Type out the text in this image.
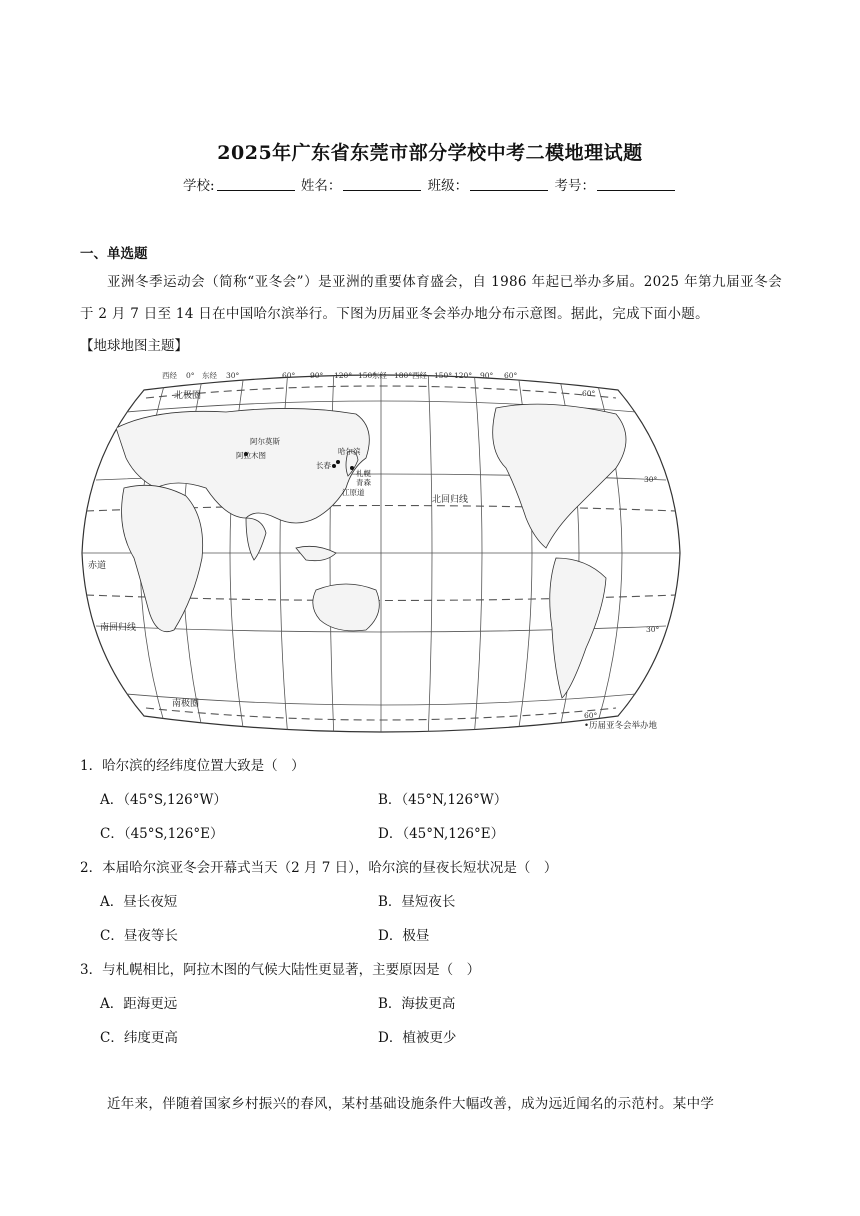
2025年广东省东莞市部分学校中考二模地理试题
学校:	姓名：	班级：	考号：
一、单选题
亚洲冬季运动会（简称“亚冬会”）是亚洲的重要体育盛会，自 1986 年起已举办多届。2025 年第九届亚冬会于 2 月 7 日至 14 日在中国哈尔滨举行。下图为历届亚冬会举办地分布示意图。据此，完成下面小题。
【地球地图主题】
阿尔莫斯
阿拉木图	哈尔滨
长春
札幌
青森
江原道
西经 0° 东经 30°	60° 90° 120° 150°
东经 180° 西经 150° 120° 90° 60°
60°
30°
30°
60°
北极圈
北回归线
赤道
南回归线
南极圈
•历届亚冬会举办地
1．哈尔滨的经纬度位置大致是（　）
A．（45°S,126°W）	B．（45°N,126°W）
C．（45°S,126°E）	D．（45°N,126°E）
2．本届哈尔滨亚冬会开幕式当天（2 月 7 日），哈尔滨的昼夜长短状况是（　）
A．昼长夜短	B．昼短夜长
C．昼夜等长	D．极昼
3．与札幌相比，阿拉木图的气候大陆性更显著，主要原因是（　）
A．距海更远	B．海拔更高
C．纬度更高	D．植被更少
近年来，伴随着国家乡村振兴的春风，某村基础设施条件大幅改善，成为远近闻名的示范村。某中学
